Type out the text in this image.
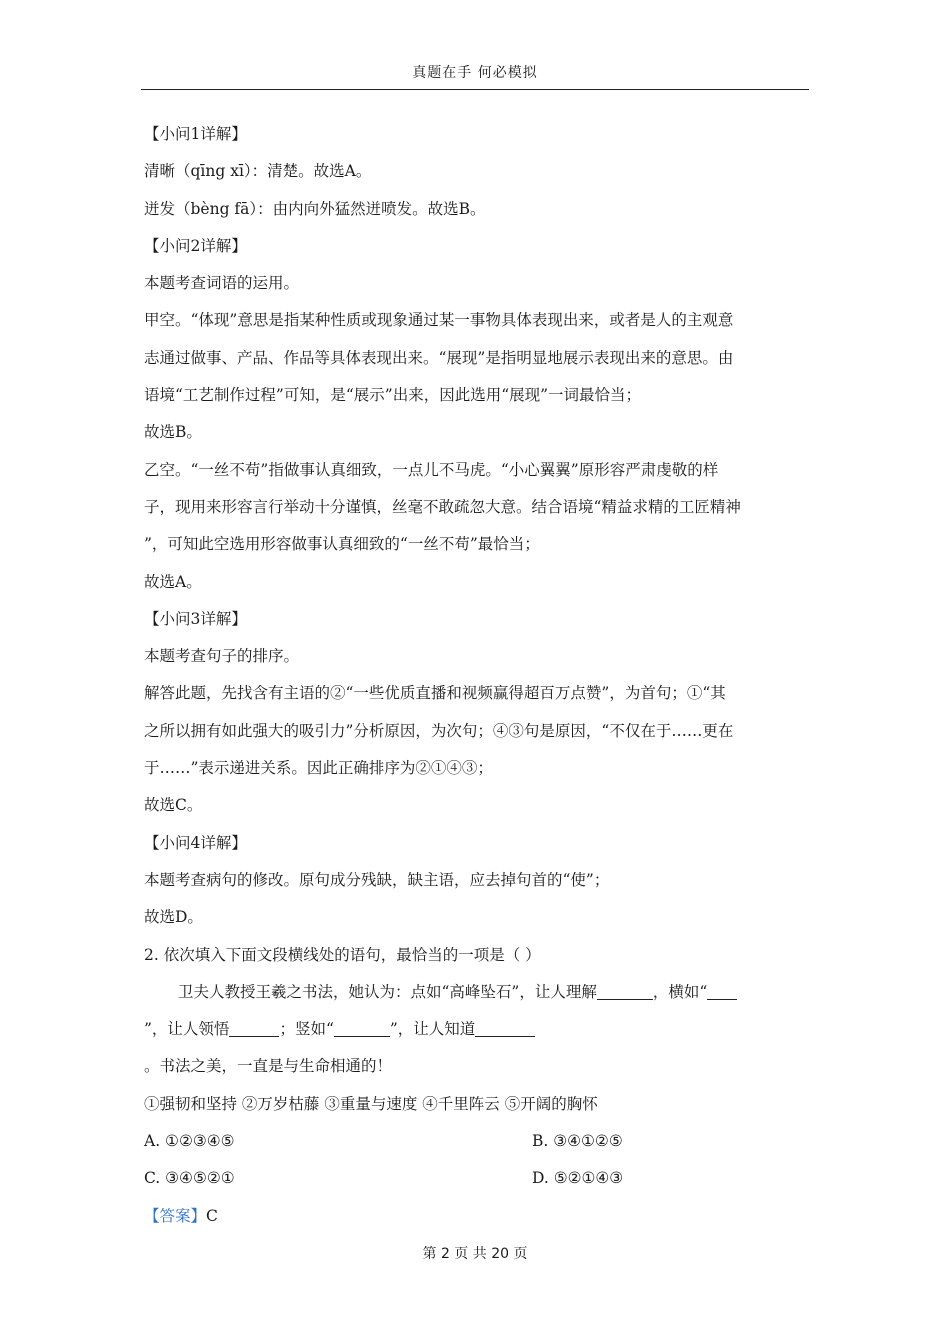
真题在手 何必模拟
【小问1详解】
清晰（qīng xī）：清楚。故选A。
迸发（bèng fā）：由内向外猛然迸喷发。故选B。
【小问2详解】
本题考查词语的运用。
甲空。“体现”意思是指某种性质或现象通过某一事物具体表现出来，或者是人的主观意
志通过做事、产品、作品等具体表现出来。“展现”是指明显地展示表现出来的意思。由
语境“工艺制作过程”可知，是“展示”出来，因此选用“展现”一词最恰当；
故选B。
乙空。“一丝不苟”指做事认真细致，一点儿不马虎。“小心翼翼”原形容严肃虔敬的样
子，现用来形容言行举动十分谨慎，丝毫不敢疏忽大意。结合语境“精益求精的工匠精神
”，可知此空选用形容做事认真细致的“一丝不苟”最恰当；
故选A。
【小问3详解】
本题考查句子的排序。
解答此题，先找含有主语的②“一些优质直播和视频赢得超百万点赞”，为首句；①“其
之所以拥有如此强大的吸引力”分析原因，为次句；④③句是原因，“不仅在于……更在
于……”表示递进关系。因此正确排序为②①④③；
故选C。
【小问4详解】
本题考查病句的修改。原句成分残缺，缺主语，应去掉句首的“使”；
故选D。
2. 依次填入下面文段横线处的语句，最恰当的一项是（ ）
卫夫人教授王羲之书法，她认为：点如“高峰坠石”，让人理解	，横如“
”，让人领悟	；竖如“	”，让人知道
。书法之美，一直是与生命相通的！
①强韧和坚持 ②万岁枯藤 ③重量与速度 ④千里阵云 ⑤开阔的胸怀
A. ①②③④⑤	B. ③④①②⑤
C. ③④⑤②①	D. ⑤②①④③
【答案】C
第 2 页 共 20 页
